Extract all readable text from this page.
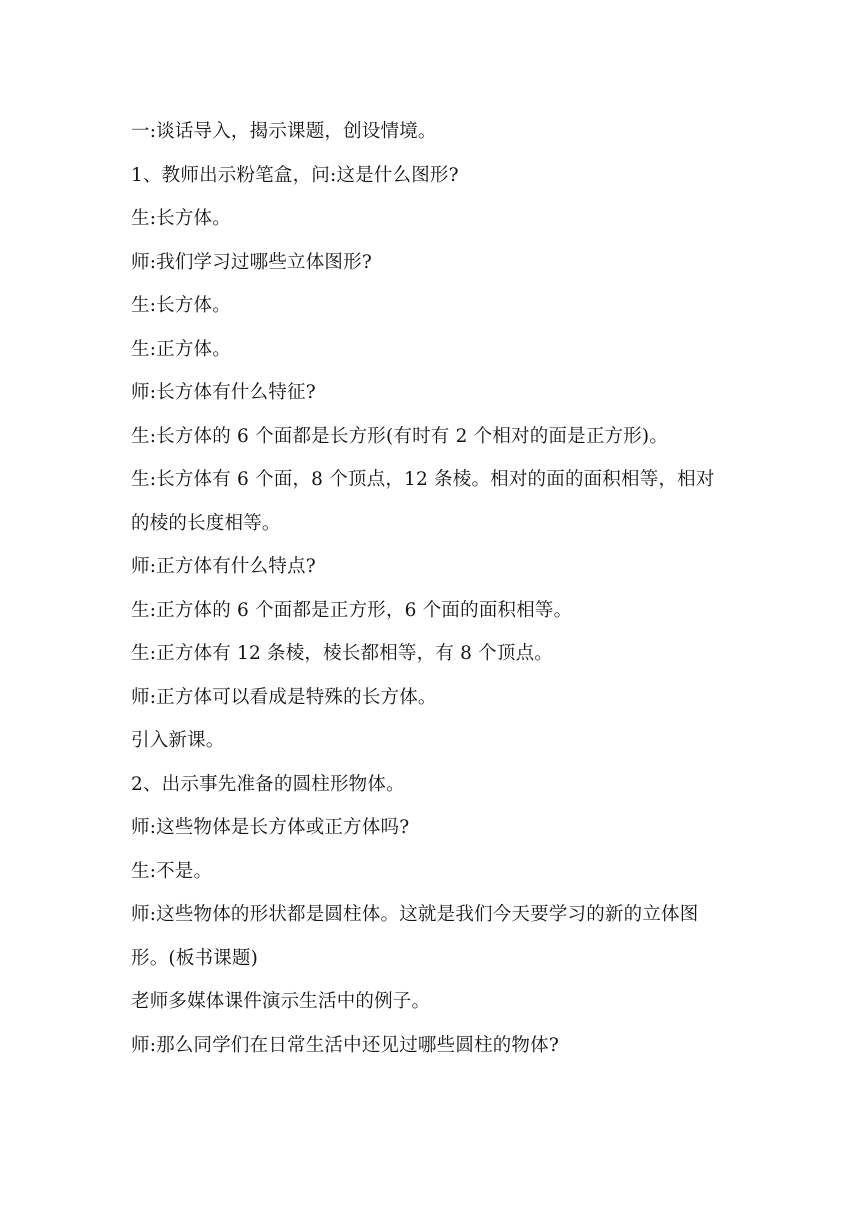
一:谈话导入，揭示课题，创设情境。

1、教师出示粉笔盒，问:这是什么图形?

生:长方体。

师:我们学习过哪些立体图形?

生:长方体。

生:正方体。

师:长方体有什么特征?

生:长方体的 6 个面都是长方形(有时有 2 个相对的面是正方形)。

生:长方体有 6 个面，8 个顶点，12 条棱。相对的面的面积相等，相对的棱的长度相等。

师:正方体有什么特点?

生:正方体的 6 个面都是正方形，6 个面的面积相等。

生:正方体有 12 条棱，棱长都相等，有 8 个顶点。

师:正方体可以看成是特殊的长方体。

引入新课。

2、出示事先准备的圆柱形物体。

师:这些物体是长方体或正方体吗?

生:不是。

师:这些物体的形状都是圆柱体。这就是我们今天要学习的新的立体图形。(板书课题)

老师多媒体课件演示生活中的例子。

师:那么同学们在日常生活中还见过哪些圆柱的物体?
